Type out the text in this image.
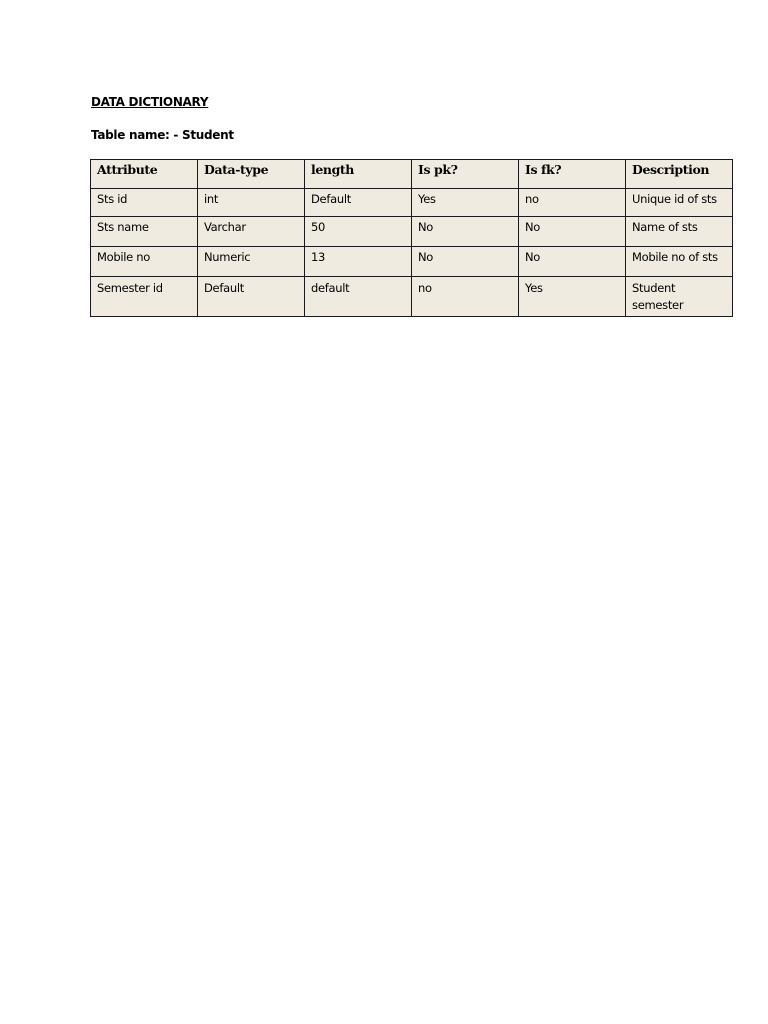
DATA DICTIONARY
Table name: - Student
Attribute	Data-type	length	Is pk?	Is fk?	Description
Sts id	int	Default	Yes	no	Unique id of sts
Sts name	Varchar	50	No	No	Name of sts
Mobile no	Numeric	13	No	No	Mobile no of sts
Semester id	Default	default	no	Yes	Student semester
